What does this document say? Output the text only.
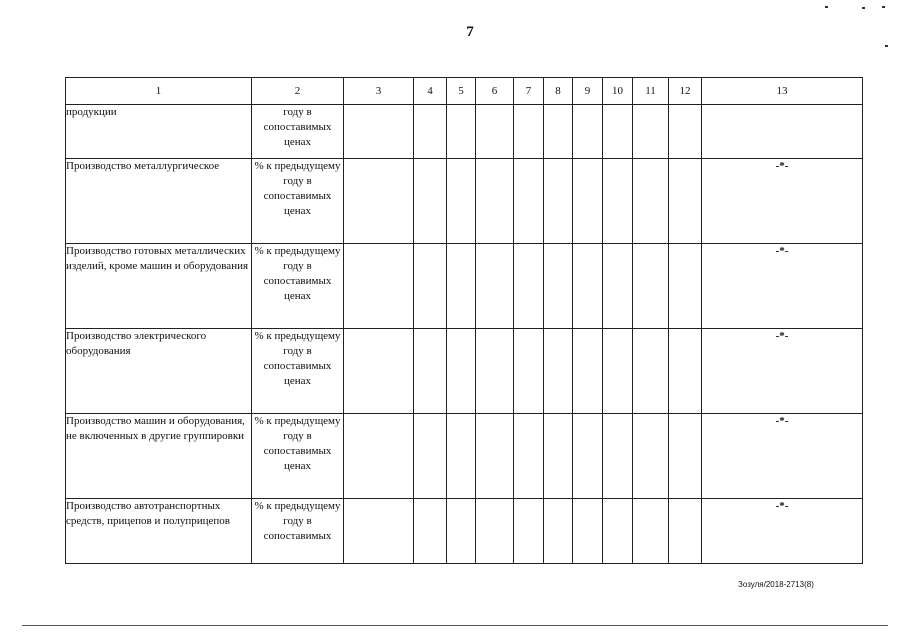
7
1	2	3	4	5	6	7	8	9	10	11	12	13
продукции	году в сопоставимых ценах											
Производство металлургическое	% к предыдущему году в сопоставимых ценах											-*-
Производство готовых металлических изделий, кроме машин и оборудования	% к предыдущему году в сопоставимых ценах											-*-
Производство электрического оборудования	% к предыдущему году в сопоставимых ценах											-*-
Производство машин и оборудования, не включенных в другие группировки	% к предыдущему году в сопоставимых ценах											-*-
Производство автотранспортных средств, прицепов и полуприцепов	% к предыдущему году в сопоставимых											-*-
Зозуля/2018-2713(8)
